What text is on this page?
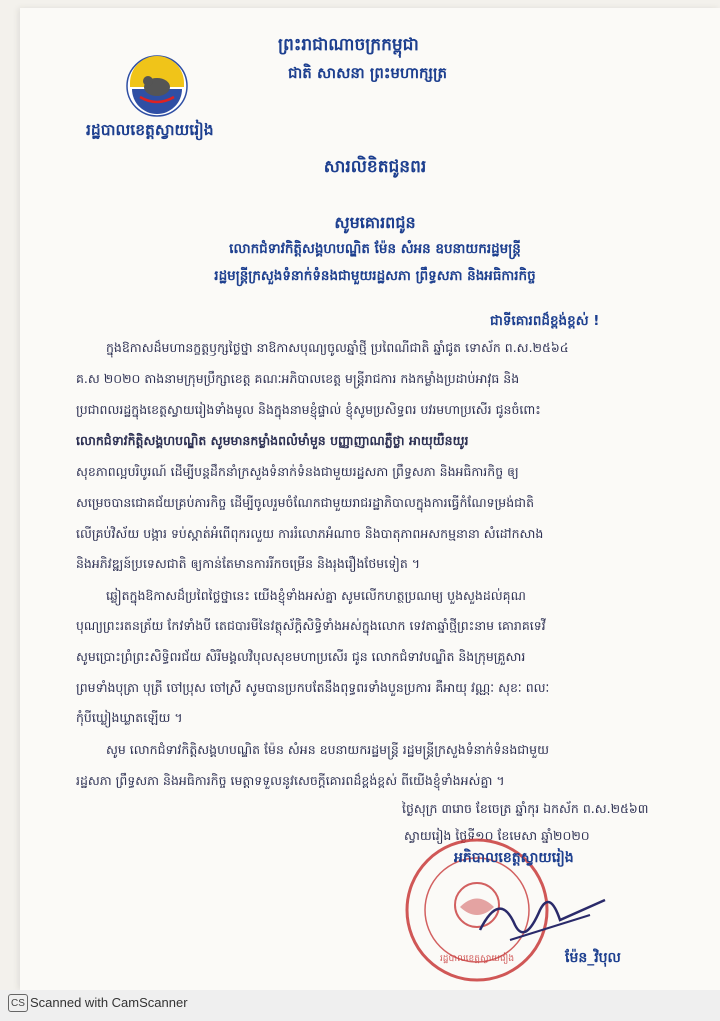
ព្រះរាជាណាចក្រកម្ពុជា
ជាតិ សាសនា ព្រះមហាក្សត្រ
រដ្ឋបាលខេត្តស្វាយរៀង
សារលិខិតជូនពរ
សូមគោរពជូន
លោកជំទាវកិត្តិសង្គហបណ្ឌិត ម៉ែន សំអន ឧបនាយករដ្ឋមន្ត្រី
រដ្ឋមន្ត្រីក្រសួងទំនាក់ទំនងជាមួយរដ្ឋសភា ព្រឹទ្ធសភា និងអធិការកិច្ច
ជាទីគោរពដ៏ខ្ពង់ខ្ពស់ !
ក្នុងឱកាសដ៏មហានក្ខត្តឫក្សថ្ងៃថ្នា នាឱកាសបុណ្យចូលឆ្នាំថ្មី ប្រពៃណីជាតិ ឆ្នាំជូត ទោស័ក ព.ស.២៥៦៤
គ.ស ២០២០ តាងនាមក្រុមប្រឹក្សាខេត្ត គណៈអភិបាលខេត្ត មន្ត្រីរាជការ កងកម្លាំងប្រដាប់អាវុធ និង
ប្រជាពលរដ្ឋក្នុងខេត្តស្វាយរៀងទាំងមូល និងក្នុងនាមខ្ញុំផ្ទាល់ ខ្ញុំសូមប្រសិទ្ធពរ បវរមហាប្រសើរ ជូនចំពោះ
លោកជំទាវកិត្តិសង្គហបណ្ឌិត សូមមានកម្លាំងពលំមាំមួន បញ្ញាញាណភ្លឺថ្លា អាយុយឺនយូរ
សុខភាពល្អបរិបូរណ៍ ដើម្បីបន្តដឹកនាំក្រសួងទំនាក់ទំនងជាមួយរដ្ឋសភា ព្រឹទ្ធសភា និងអធិការកិច្ច ឲ្យ
សម្រេចបានជោគជ័យគ្រប់ភារកិច្ច ដើម្បីចូលរួមចំណែកជាមួយរាជរដ្ឋាភិបាលក្នុងការធ្វើកំណែទម្រង់ជាតិ
លើគ្រប់វិស័យ បង្ការ ទប់ស្កាត់អំពើពុករលួយ ការរំលោភអំណាច និងបាតុភាពអសកម្មនានា សំដៅកសាង
និងអភិវឌ្ឍន៍ប្រទេសជាតិ ឲ្យកាន់តែមានការរីកចម្រើន និងរុងរឿងថែមទៀត ។
ឆ្លៀតក្នុងឱកាសដ៏ប្រពៃថ្លៃថ្នានេះ យើងខ្ញុំទាំងអស់គ្នា សូមលើកហត្ថប្រណម្យ បួងសួងដល់គុណ
បុណ្យព្រះរតនត្រ័យ កែវទាំងបី តេជបារមីនៃវត្ថុស័ក្តិសិទ្ធិទាំងអស់ក្នុងលោក ទេវតាឆ្នាំថ្មីព្រះនាម គោរាគទេវី
សូមប្រោះព្រំព្រះសិទ្ធិពរជ័យ សិរីមង្គលវិបុលសុខមហាប្រសើរ ជូន លោកជំទាវបណ្ឌិត និងក្រុមគ្រួសារ
ព្រមទាំងបុត្រា បុត្រី ចៅប្រុស ចៅស្រី សូមបានប្រកបតែនឹងពុទ្ធពរទាំងបួនប្រការ គឺអាយុ វណ្ណៈ សុខៈ ពលៈ
កុំបីឃ្លៀងឃ្លាតឡើយ ។
សូម លោកជំទាវកិត្តិសង្គហបណ្ឌិត ម៉ែន សំអន ឧបនាយករដ្ឋមន្ត្រី រដ្ឋមន្ត្រីក្រសួងទំនាក់ទំនងជាមួយ
រដ្ឋសភា ព្រឹទ្ធសភា និងអធិការកិច្ច មេត្តាទទួលនូវសេចក្តីគោរពដ៏ខ្ពង់ខ្ពស់ ពីយើងខ្ញុំទាំងអស់គ្នា ។
ថ្ងៃសុក្រ ៣រោច ខែចេត្រ ឆ្នាំកុរ ឯកស័ក ព.ស.២៥៦៣
ស្វាយរៀង ថ្ងៃទី១០ ខែមេសា ឆ្នាំ២០២០
រដ្ឋបាលខេត្តស្វាយរៀង
អភិបាលខេត្តស្វាយរៀង
ម៉ែន_វិបុល
CS Scanned with CamScanner
